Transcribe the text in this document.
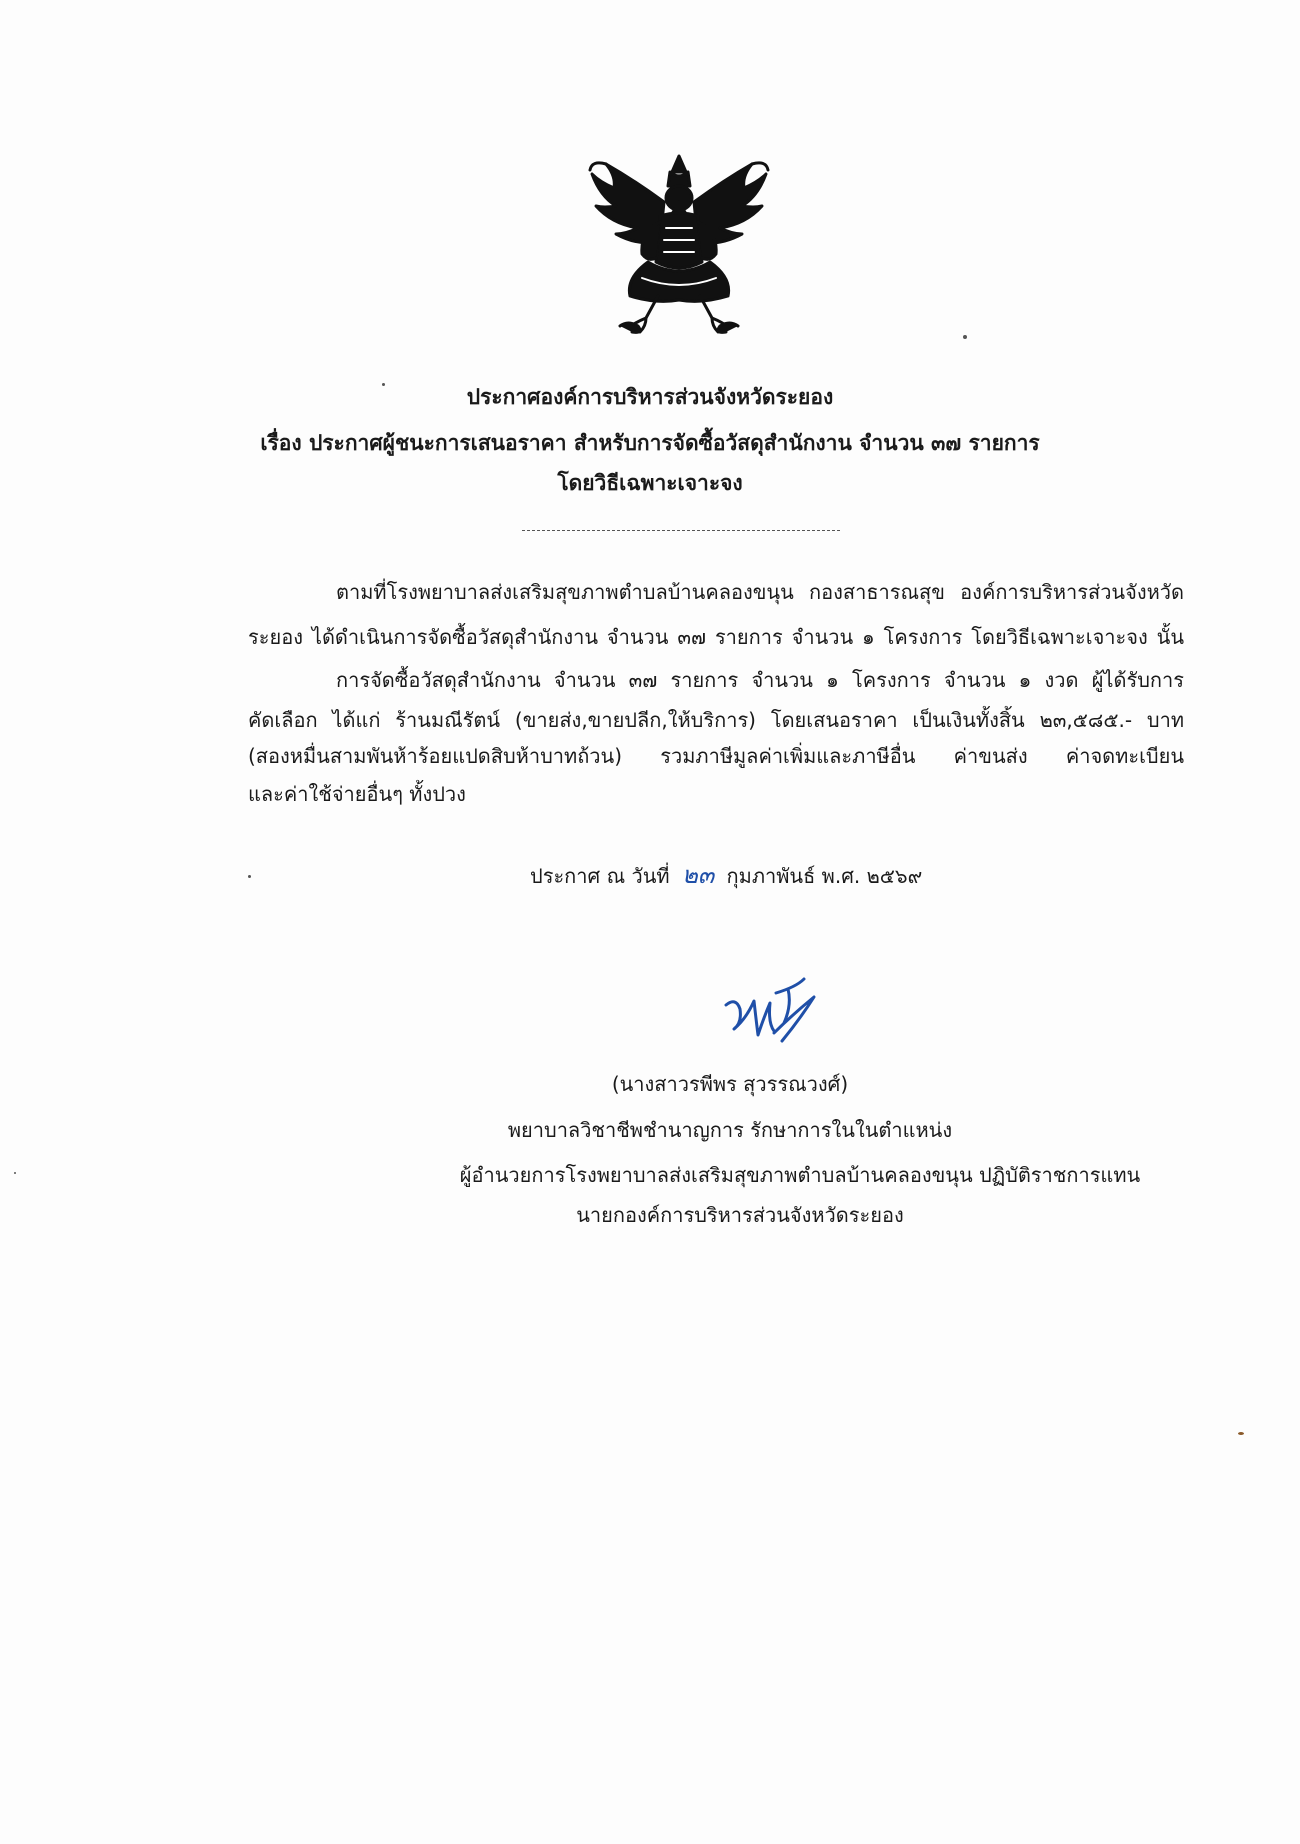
ประกาศองค์การบริหารส่วนจังหวัดระยอง
เรื่อง ประกาศผู้ชนะการเสนอราคา สำหรับการจัดซื้อวัสดุสำนักงาน จำนวน ๓๗ รายการ
โดยวิธีเฉพาะเจาะจง
ตามที่โรงพยาบาลส่งเสริมสุขภาพตำบลบ้านคลองขนุน กองสาธารณสุข องค์การบริหารส่วนจังหวัด
ระยอง ได้ดำเนินการจัดซื้อวัสดุสำนักงาน จำนวน ๓๗ รายการ จำนวน ๑ โครงการ โดยวิธีเฉพาะเจาะจง นั้น
การจัดซื้อวัสดุสำนักงาน จำนวน ๓๗ รายการ จำนวน ๑ โครงการ จำนวน ๑ งวด ผู้ได้รับการ
คัดเลือก ได้แก่ ร้านมณีรัตน์ (ขายส่ง,ขายปลีก,ให้บริการ) โดยเสนอราคา เป็นเงินทั้งสิ้น ๒๓,๕๘๕.- บาท
(สองหมื่นสามพันห้าร้อยแปดสิบห้าบาทถ้วน) รวมภาษีมูลค่าเพิ่มและภาษีอื่น ค่าขนส่ง ค่าจดทะเบียน
และค่าใช้จ่ายอื่นๆ ทั้งปวง
ประกาศ ณ วันที่ ๒๓ กุมภาพันธ์ พ.ศ. ๒๕๖๙
(นางสาวรพีพร สุวรรณวงศ์)
พยาบาลวิชาชีพชำนาญการ รักษาการในในตำแหน่ง
ผู้อำนวยการโรงพยาบาลส่งเสริมสุขภาพตำบลบ้านคลองขนุน ปฏิบัติราชการแทน
นายกองค์การบริหารส่วนจังหวัดระยอง
